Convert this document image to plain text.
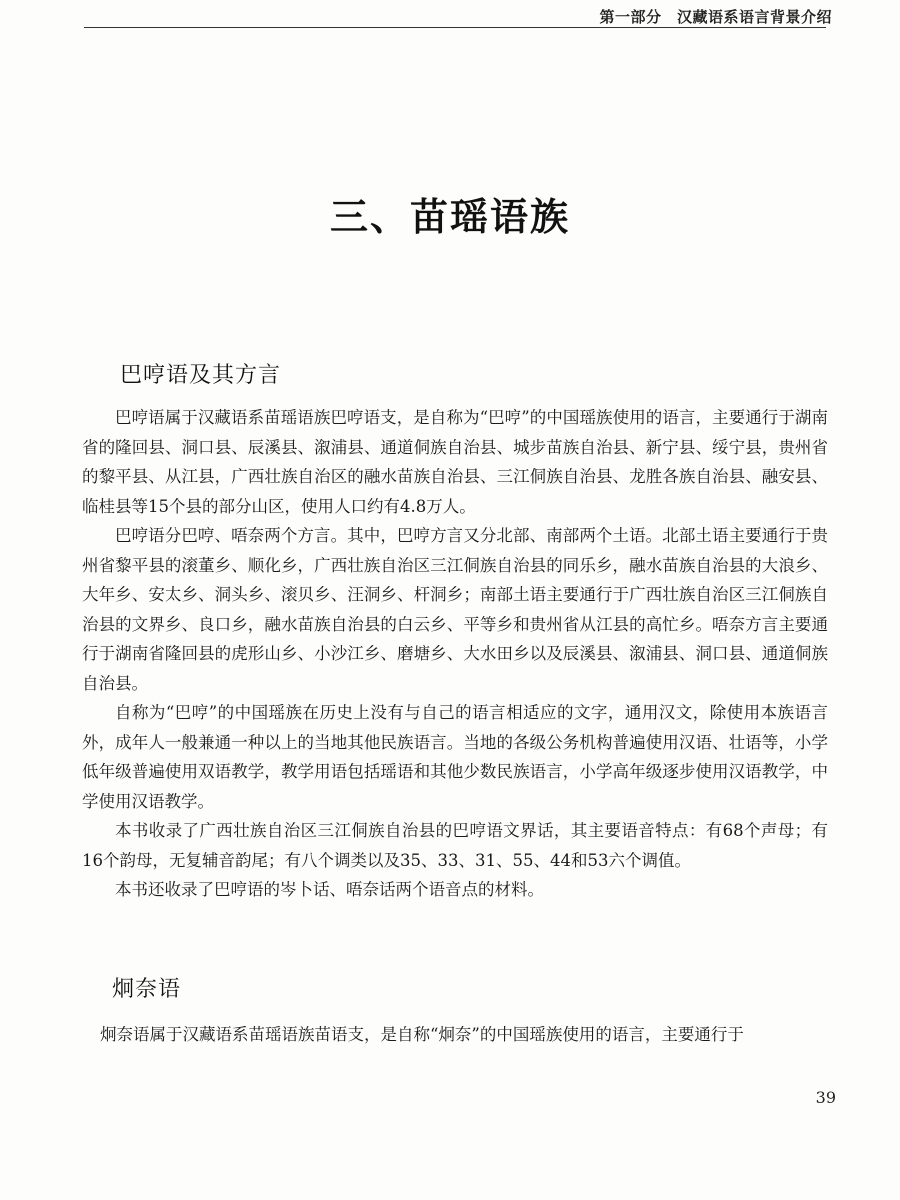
第一部分　汉藏语系语言背景介绍
三、苗瑶语族
巴哼语及其方言

巴哼语属于汉藏语系苗瑶语族巴哼语支，是自称为“巴哼”的中国瑶族使用的语言，主要通行于湖南省的隆回县、洞口县、辰溪县、溆浦县、通道侗族自治县、城步苗族自治县、新宁县、绥宁县，贵州省的黎平县、从江县，广西壮族自治区的融水苗族自治县、三江侗族自治县、龙胜各族自治县、融安县、临桂县等15个县的部分山区，使用人口约有4.8万人。

巴哼语分巴哼、唔奈两个方言。其中，巴哼方言又分北部、南部两个土语。北部土语主要通行于贵州省黎平县的滚董乡、顺化乡，广西壮族自治区三江侗族自治县的同乐乡，融水苗族自治县的大浪乡、大年乡、安太乡、洞头乡、滚贝乡、汪洞乡、杆洞乡；南部土语主要通行于广西壮族自治区三江侗族自治县的文界乡、良口乡，融水苗族自治县的白云乡、平等乡和贵州省从江县的高忙乡。唔奈方言主要通行于湖南省隆回县的虎形山乡、小沙江乡、磨塘乡、大水田乡以及辰溪县、溆浦县、洞口县、通道侗族自治县。

自称为“巴哼”的中国瑶族在历史上没有与自己的语言相适应的文字，通用汉文，除使用本族语言外，成年人一般兼通一种以上的当地其他民族语言。当地的各级公务机构普遍使用汉语、壮语等，小学低年级普遍使用双语教学，教学用语包括瑶语和其他少数民族语言，小学高年级逐步使用汉语教学，中学使用汉语教学。

本书收录了广西壮族自治区三江侗族自治县的巴哼语文界话，其主要语音特点：有68个声母；有16个韵母，无复辅音韵尾；有八个调类以及35、33、31、55、44和53六个调值。

本书还收录了巴哼语的岑卜话、唔奈话两个语音点的材料。

炯奈语

炯奈语属于汉藏语系苗瑶语族苗语支，是自称“炯奈”的中国瑶族使用的语言，主要通行于

39
